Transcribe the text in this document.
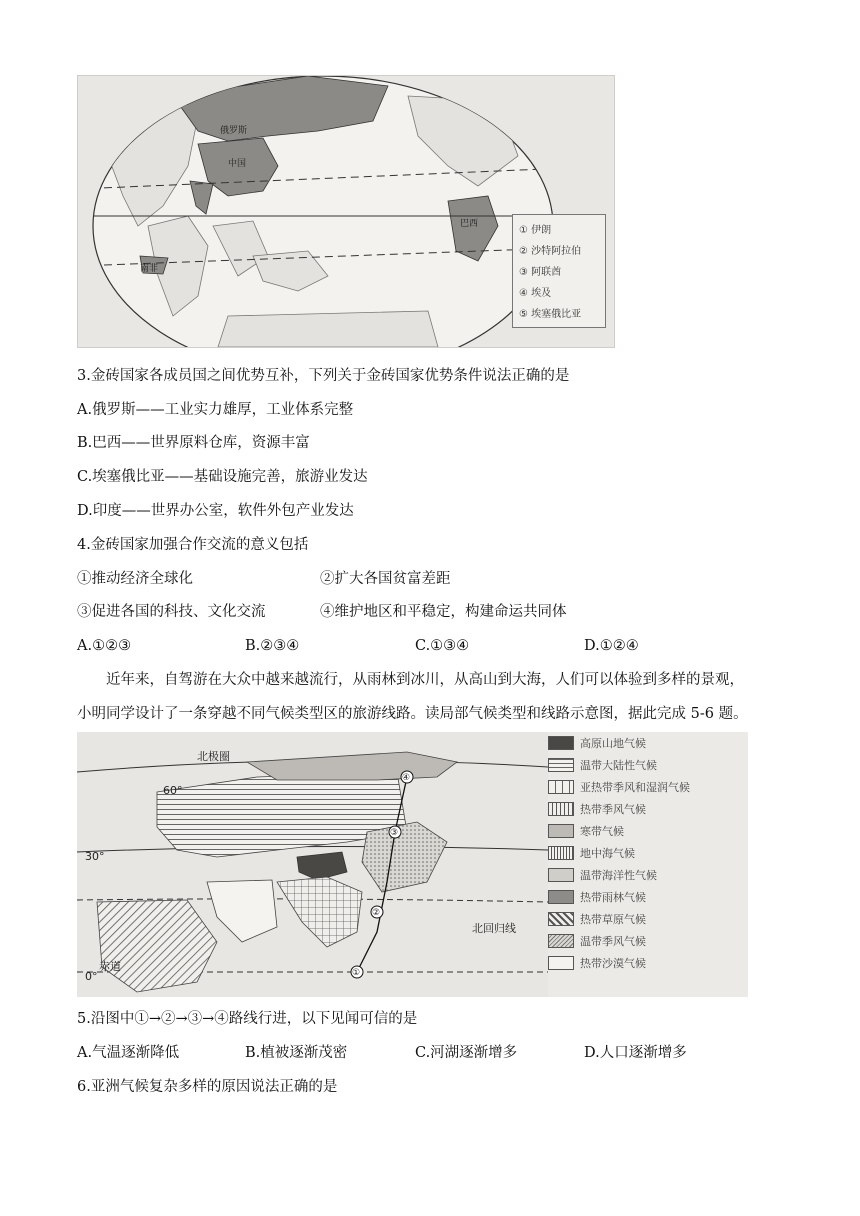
俄罗斯
中国
巴西
南非
① 伊朗
② 沙特阿拉伯
③ 阿联酋
④ 埃及
⑤ 埃塞俄比亚
3.金砖国家各成员国之间优势互补，下列关于金砖国家优势条件说法正确的是
A.俄罗斯——工业实力雄厚，工业体系完整
B.巴西——世界原料仓库，资源丰富
C.埃塞俄比亚——基础设施完善，旅游业发达
D.印度——世界办公室，软件外包产业发达
4.金砖国家加强合作交流的意义包括
①推动经济全球化	②扩大各国贫富差距
③促进各国的科技、文化交流	④维护地区和平稳定，构建命运共同体
A.①②③	B.②③④	C.①③④	D.①②④
近年来，自驾游在大众中越来越流行，从雨林到冰川，从高山到大海，人们可以体验到多样的景观，
小明同学设计了一条穿越不同气候类型区的旅游线路。读局部气候类型和线路示意图，据此完成 5-6 题。
①
②
③
④
60°
30°
0°
北极圈
北回归线
赤道
高原山地气候
温带大陆性气候
亚热带季风和湿润气候
热带季风气候
寒带气候
地中海气候
温带海洋性气候
热带雨林气候
热带草原气候
温带季风气候
热带沙漠气候
5.沿图中①→②→③→④路线行进，以下见闻可信的是
A.气温逐渐降低	B.植被逐渐茂密	C.河湖逐渐增多	D.人口逐渐增多
6.亚洲气候复杂多样的原因说法正确的是
